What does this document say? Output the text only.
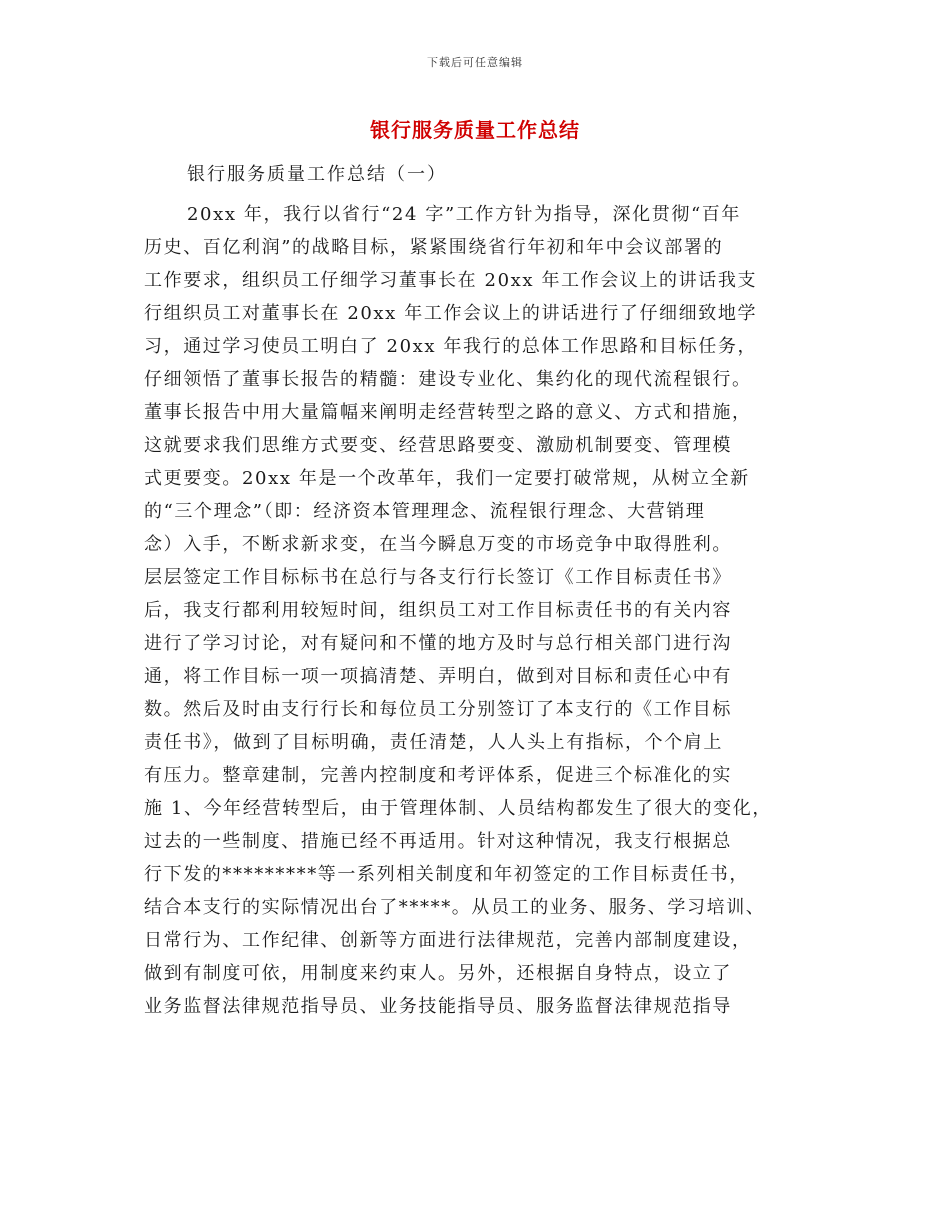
下载后可任意编辑
银行服务质量工作总结
银行服务质量工作总结（一）
20xx 年，我行以省行“24 字”工作方针为指导，深化贯彻“百年
历史、百亿利润”的战略目标，紧紧围绕省行年初和年中会议部署的
工作要求，组织员工仔细学习董事长在 20xx 年工作会议上的讲话我支
行组织员工对董事长在 20xx 年工作会议上的讲话进行了仔细细致地学
习，通过学习使员工明白了 20xx 年我行的总体工作思路和目标任务，
仔细领悟了董事长报告的精髓：建设专业化、集约化的现代流程银行。
董事长报告中用大量篇幅来阐明走经营转型之路的意义、方式和措施，
这就要求我们思维方式要变、经营思路要变、激励机制要变、管理模
式更要变。20xx 年是一个改革年，我们一定要打破常规，从树立全新
的“三个理念”（即：经济资本管理理念、流程银行理念、大营销理
念）入手，不断求新求变，在当今瞬息万变的市场竞争中取得胜利。
层层签定工作目标标书在总行与各支行行长签订《工作目标责任书》
后，我支行都利用较短时间，组织员工对工作目标责任书的有关内容
进行了学习讨论，对有疑问和不懂的地方及时与总行相关部门进行沟
通，将工作目标一项一项搞清楚、弄明白，做到对目标和责任心中有
数。然后及时由支行行长和每位员工分别签订了本支行的《工作目标
责任书》，做到了目标明确，责任清楚，人人头上有指标，个个肩上
有压力。整章建制，完善内控制度和考评体系，促进三个标准化的实
施 1、今年经营转型后，由于管理体制、人员结构都发生了很大的变化，
过去的一些制度、措施已经不再适用。针对这种情况，我支行根据总
行下发的*********等一系列相关制度和年初签定的工作目标责任书，
结合本支行的实际情况出台了*****。从员工的业务、服务、学习培训、
日常行为、工作纪律、创新等方面进行法律规范，完善内部制度建设，
做到有制度可依，用制度来约束人。另外，还根据自身特点，设立了
业务监督法律规范指导员、业务技能指导员、服务监督法律规范指导
